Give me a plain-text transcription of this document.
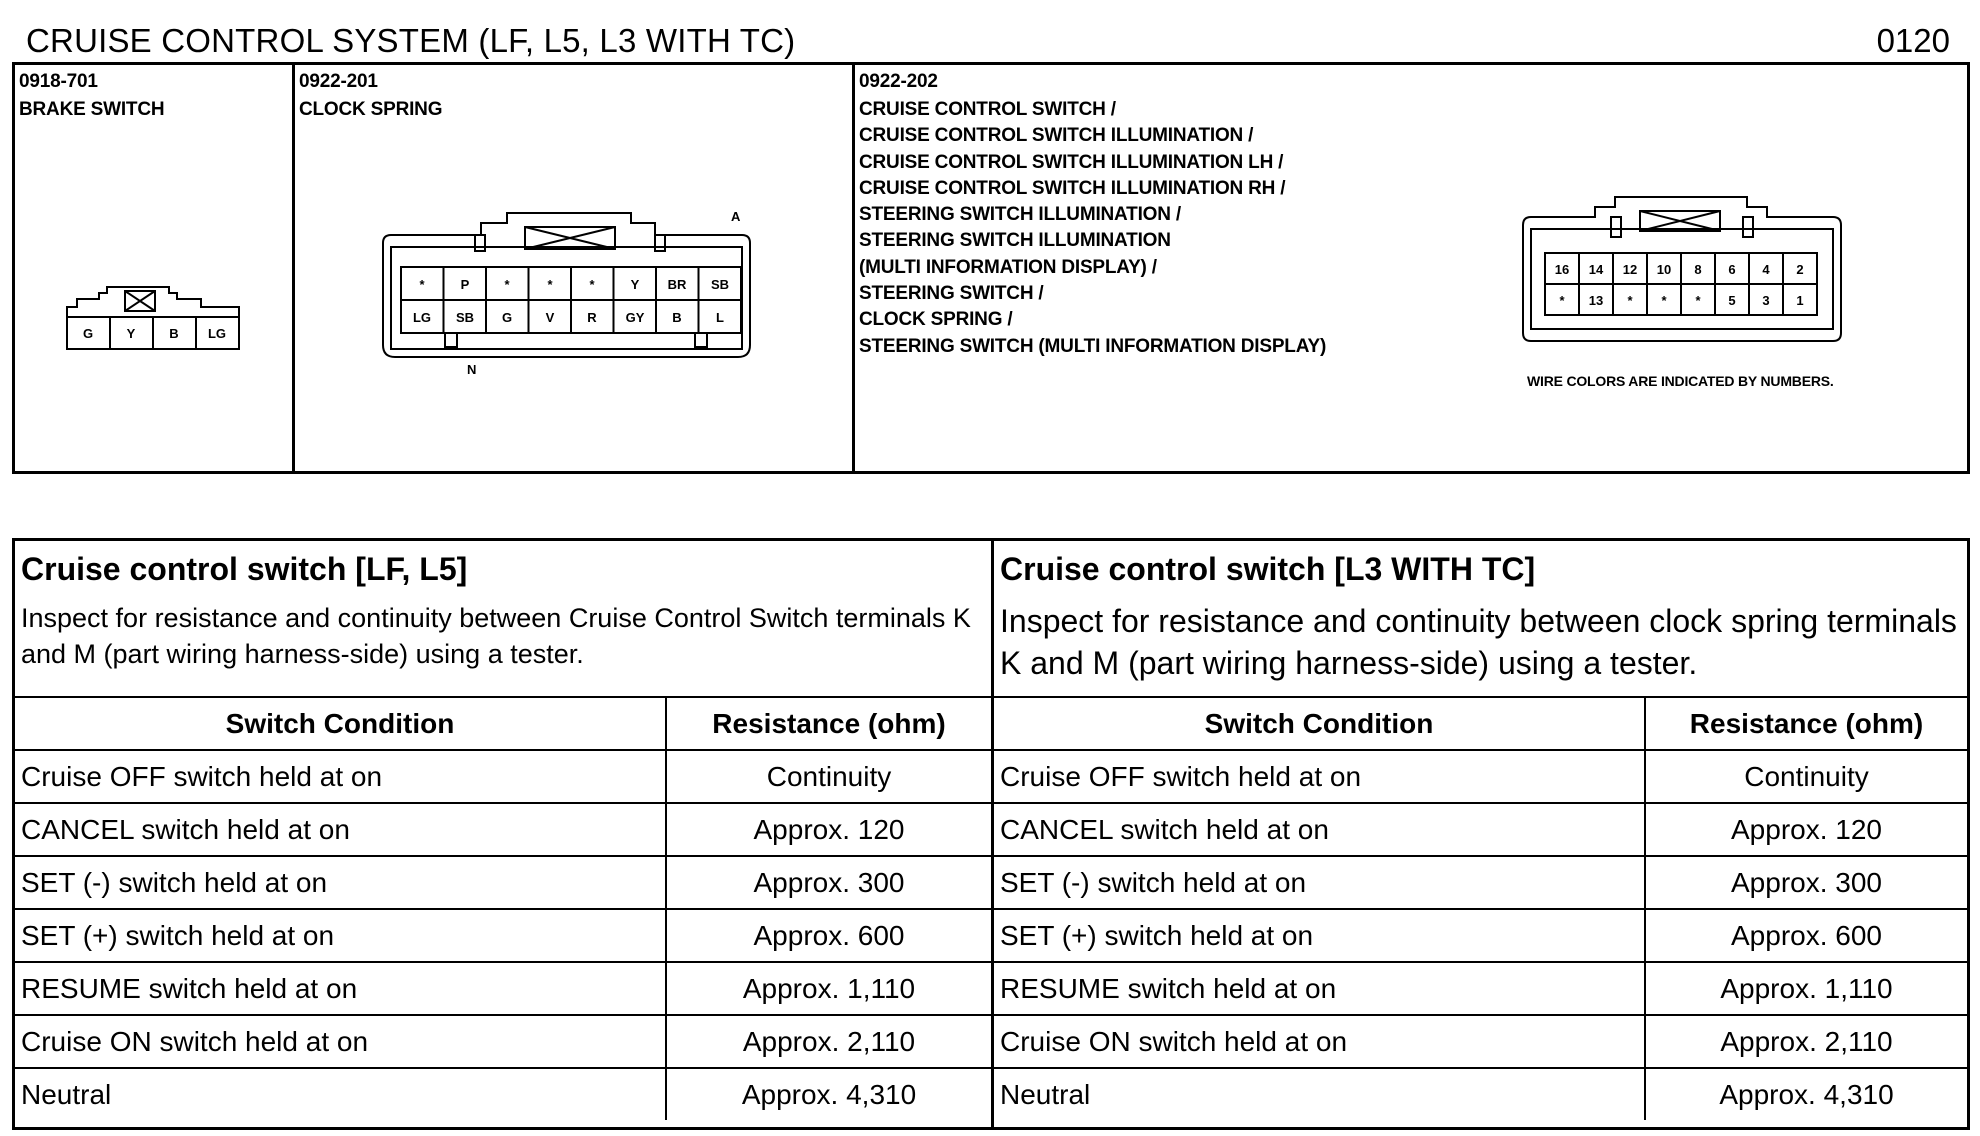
CRUISE CONTROL SYSTEM (LF, L5, L3 WITH TC)	0120
0918-701
BRAKE SWITCH
G	Y	B LG
0922-201
CLOCK SPRING
A
N
*	P	*	*	*	Y BR SB
LG SB G	V	R GY B	L
0922-202
CRUISE CONTROL SWITCH /
CRUISE CONTROL SWITCH ILLUMINATION /
CRUISE CONTROL SWITCH ILLUMINATION LH /
CRUISE CONTROL SWITCH ILLUMINATION RH /
STEERING SWITCH ILLUMINATION /
STEERING SWITCH ILLUMINATION
(MULTI INFORMATION DISPLAY) /
STEERING SWITCH /
CLOCK SPRING /
STEERING SWITCH (MULTI INFORMATION DISPLAY)
16 14 12 10 8 6 4 2
* 13 * * * 5 3 1
WIRE COLORS ARE INDICATED BY NUMBERS.
Cruise control switch [LF, L5]
Inspect for resistance and continuity between Cruise Control Switch terminals K and M (part wiring harness-side) using a tester.
Switch Condition	Resistance (ohm)
Cruise OFF switch held at on	Continuity
CANCEL switch held at on	Approx. 120
SET (-) switch held at on	Approx. 300
SET (+) switch held at on	Approx. 600
RESUME switch held at on	Approx. 1,110
Cruise ON switch held at on	Approx. 2,110
Neutral	Approx. 4,310
Cruise control switch [L3 WITH TC]
Inspect for resistance and continuity between clock spring terminals K and M (part wiring harness-side) using a tester.
Switch Condition	Resistance (ohm)
Cruise OFF switch held at on	Continuity
CANCEL switch held at on	Approx. 120
SET (-) switch held at on	Approx. 300
SET (+) switch held at on	Approx. 600
RESUME switch held at on	Approx. 1,110
Cruise ON switch held at on	Approx. 2,110
Neutral	Approx. 4,310
